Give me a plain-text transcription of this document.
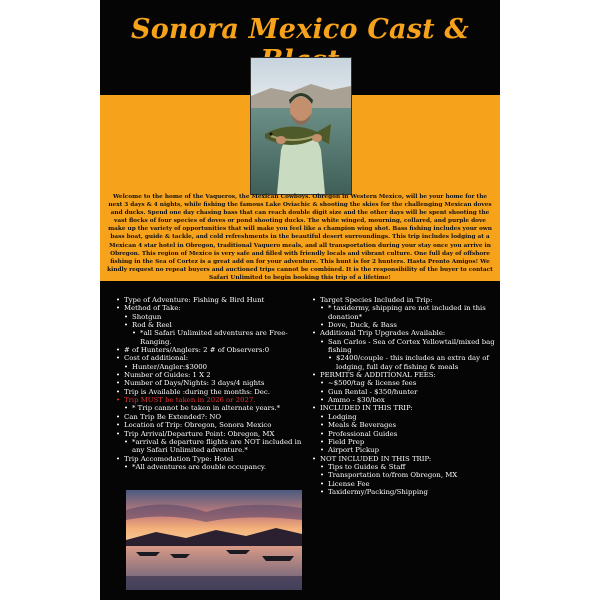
Sonora Mexico Cast &
Welcome to the home of the Vaqueros, the Mexican Cowboys. Obregon in Western Mexico, will be your home for the next 3 days & 4 nights, while fishing the famous Lake Oviachic & shooting the skies for the challenging Mexican doves and ducks. Spend one day chasing bass that can reach double digit size and the other days will be spent shooting the vast flocks of four species of doves or pond shooting ducks. The white winged, mourning, collared, and purple dove make up the variety of opportunities that will make you feel like a champion wing shot. Bass fishing includes your own bass boat, guide & tackle, and cold refreshments in the beautiful desert surroundings. This trip includes lodging at a Mexican 4 star hotel in Obregon, traditional Vaquero meals, and all transportation during your stay once you arrive in Obregon. This region of Mexico is very safe and filled with friendly locals and vibrant culture. One full day of offshore fishing in the Sea of Cortez is a great add on for your adventure. This hunt is for 2 hunters. Hasta Pronto Amigos! We kindly request no repeat buyers and auctioned trips cannot be combined. It is the responsibility of the buyer to contact Safari Unlimited to begin booking this trip of a lifetime!
• Type of Adventure: Fishing & Bird Hunt
• Method of Take:
• Shotgun
• Rod & Reel
• *all Safari Unlimited adventures are Free-Ranging.
• # of Hunters/Anglers: 2 # of Observers:0
• Cost of additional:
• Hunter/Angler:$3000
• Number of Guides: 1 X 2
• Number of Days/Nights: 3 days/4 nights
• Trip is Available :during the months: Dec.
• Trip MUST be taken in 2026 or 2027.
• * Trip cannot be taken in alternate years.*
• Can Trip Be Extended?: NO
• Location of Trip: Obregon, Sonora Mexico
• Trip Arrival/Departure Point: Obregon, MX
• *arrival & departure flights are NOT included in any Safari Unlimited adventure.*
• Trip Accomodation Type: Hotel
• *All adventures are double occupancy.
• Target Species Included in Trip:
• * taxidermy, shipping are not included in this donation*
• Dove, Duck, & Bass
• Additional Trip Upgrades Available:
• San Carlos - Sea of Cortex Yellowtail/mixed bag fishing
• $2400/couple - this includes an extra day of lodging, full day of fishing & meals
• PERMITS & ADDITIONAL FEES:
• ~$500/tag & license fees
• Gun Rental - $350/hunter
• Ammo - $30/box
• INCLUDED IN THIS TRIP:
• Lodging
• Meals & Beverages
• Professional Guides
• Field Prep
• Airport Pickup
• NOT INCLUDED IN THIS TRIP:
• Tips to Guides & Staff
• Transportation to/from Obregon, MX
• License Fee
• Taxidermy/Packing/Shipping
